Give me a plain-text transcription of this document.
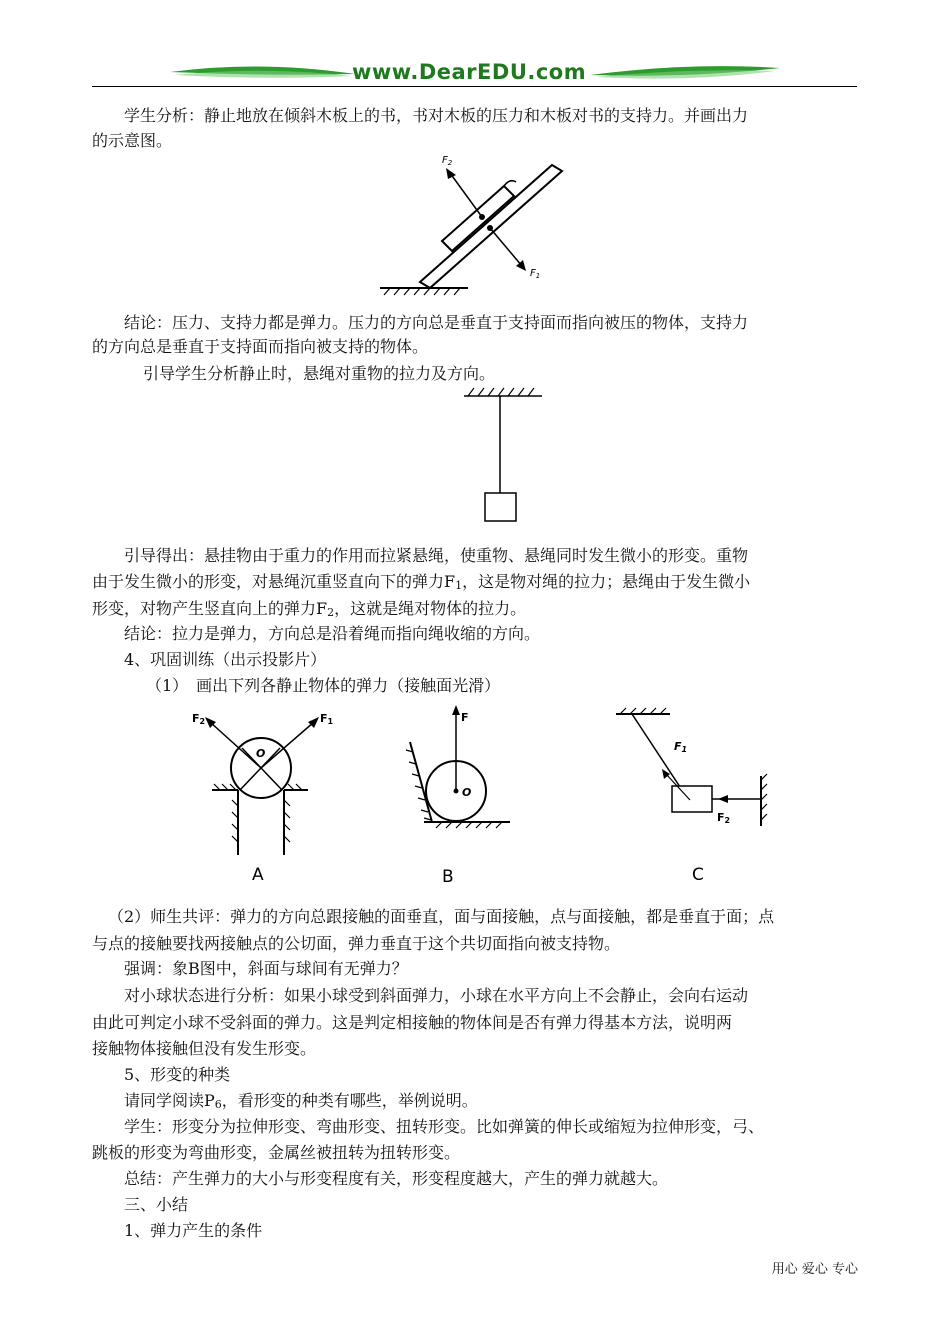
www.DearEDU.com
学生分析：静止地放在倾斜木板上的书，书对木板的压力和木板对书的支持力。并画出力
的示意图。
$F_2$
$F_1$
结论：压力、支持力都是弹力。压力的方向总是垂直于支持面而指向被压的物体，支持力
的方向总是垂直于支持面而指向被支持的物体。
引导学生分析静止时，悬绳对重物的拉力及方向。
引导得出：悬挂物由于重力的作用而拉紧悬绳，使重物、悬绳同时发生微小的形变。重物
由于发生微小的形变，对悬绳沉重竖直向下的弹力$F_1$，这是物对绳的拉力；悬绳由于发生微小
形变，对物产生竖直向上的弹力$F_2$，这就是绳对物体的拉力。
结论：拉力是弹力，方向总是沿着绳而指向绳收缩的方向。
4、巩固训练（出示投影片）
（1）　画出下列各静止物体的弹力（接触面光滑）
O
F2	F1
A
F
O
B
F1
F2
C
（2）师生共评：弹力的方向总跟接触的面垂直，面与面接触，点与面接触，都是垂直于面；点
与点的接触要找两接触点的公切面，弹力垂直于这个共切面指向被支持物。
强调：象B图中，斜面与球间有无弹力？
对小球状态进行分析：如果小球受到斜面弹力，小球在水平方向上不会静止，会向右运动
由此可判定小球不受斜面的弹力。这是判定相接触的物体间是否有弹力得基本方法，说明两
接触物体接触但没有发生形变。
5、形变的种类
请同学阅读$P_6$，看形变的种类有哪些，举例说明。
学生：形变分为拉伸形变、弯曲形变、扭转形变。比如弹簧的伸长或缩短为拉伸形变，弓、
跳板的形变为弯曲形变，金属丝被扭转为扭转形变。
总结：产生弹力的大小与形变程度有关，形变程度越大，产生的弹力就越大。
三、小结
1、弹力产生的条件
用心 爱心 专心
